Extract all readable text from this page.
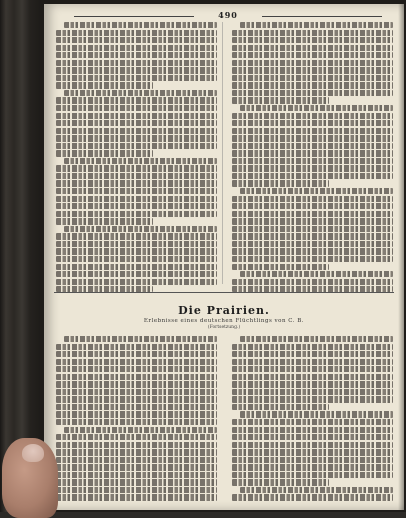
490
Die Prairien.
Erlebnisse eines deutschen Flüchtlings von C. B.
(Fortsetzung.)
